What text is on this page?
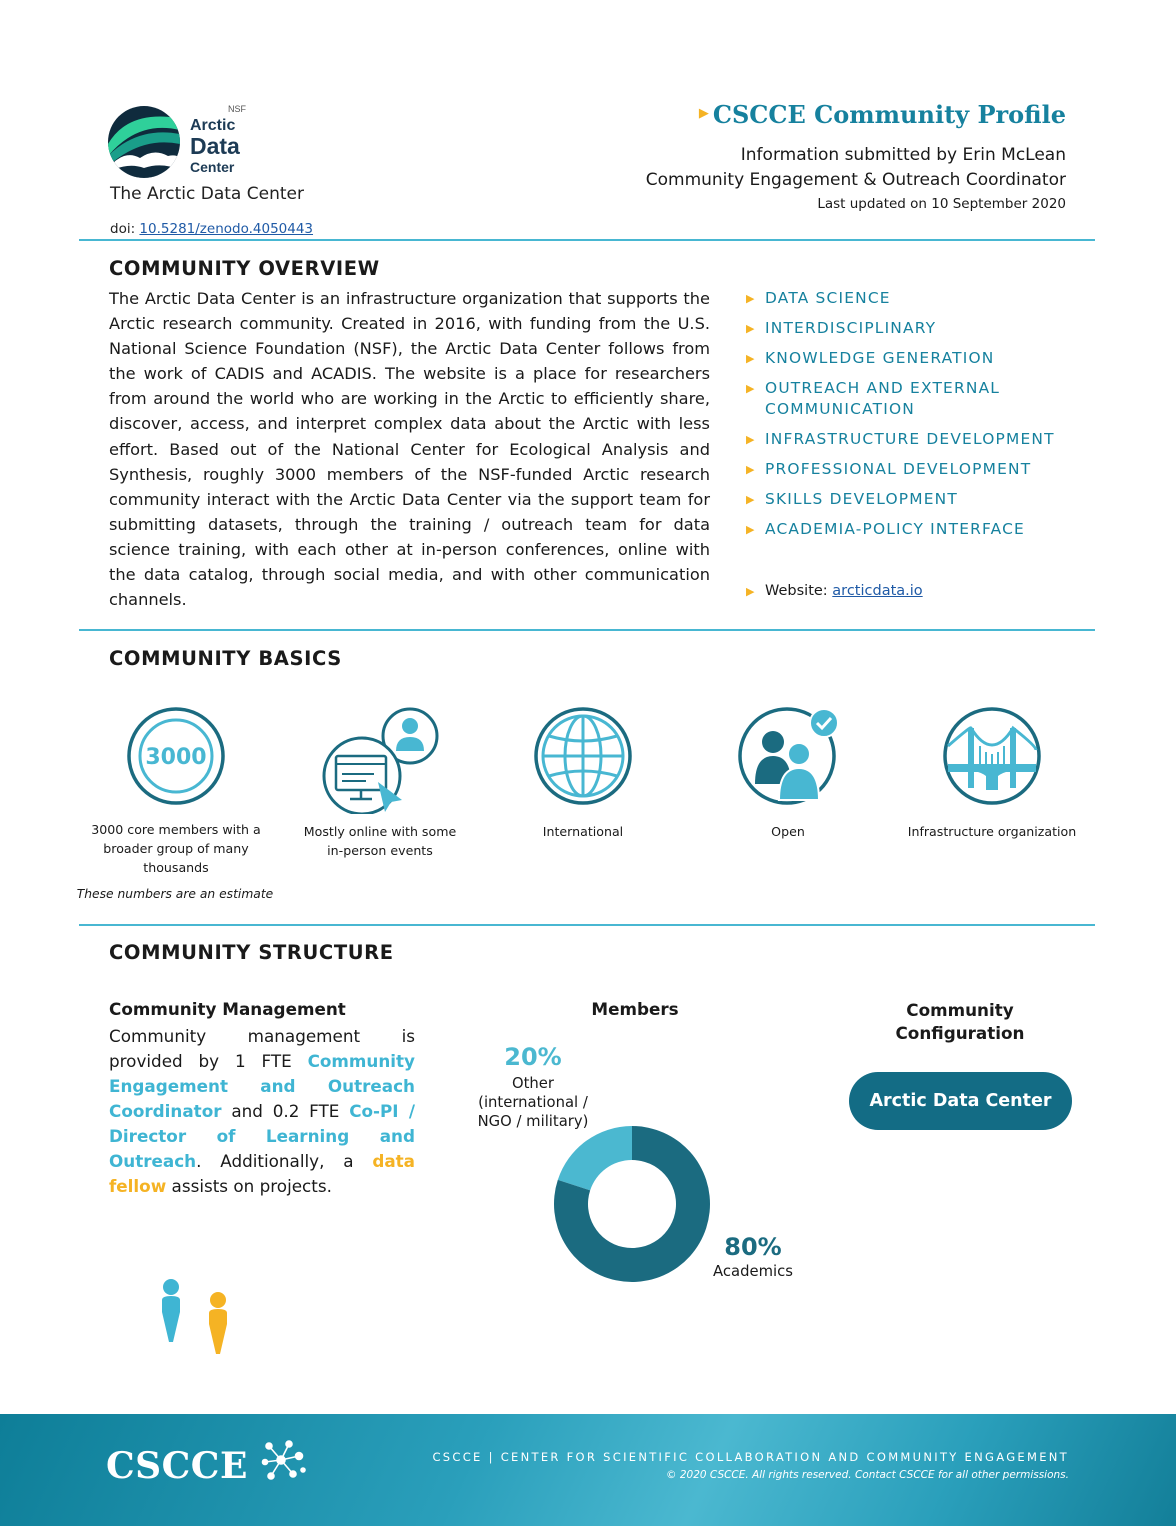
NSF
Arctic
Data
Center
The Arctic Data Center
doi: 10.5281/zenodo.4050443
▶ CSCCE Community Profile
Information submitted by Erin McLean
Community Engagement & Outreach Coordinator
Last updated on 10 September 2020
COMMUNITY OVERVIEW
The Arctic Data Center is an infrastructure organization that supports the Arctic research community. Created in 2016, with funding from the U.S. National Science Foundation (NSF), the Arctic Data Center follows from the work of CADIS and ACADIS. The website is a place for researchers from around the world who are working in the Arctic to efficiently share, discover, access, and interpret complex data about the Arctic with less effort. Based out of the National Center for Ecological Analysis and Synthesis, roughly 3000 members of the NSF-funded Arctic research community interact with the Arctic Data Center via the support team for submitting datasets, through the training / outreach team for data science training, with each other at in-person conferences, online with the data catalog, through social media, and with other communication channels.
▶ DATA SCIENCE
▶ INTERDISCIPLINARY
▶ KNOWLEDGE GENERATION
▶ OUTREACH AND EXTERNAL COMMUNICATION
▶ INFRASTRUCTURE DEVELOPMENT
▶ PROFESSIONAL DEVELOPMENT
▶ SKILLS DEVELOPMENT
▶ ACADEMIA-POLICY INTERFACE
▶ Website: arcticdata.io
COMMUNITY BASICS
3000
3000 core members with a broader group of many thousands
Mostly online with some in-person events
International	Open	Infrastructure organization
These numbers are an estimate
COMMUNITY STRUCTURE
Community Management
Community management is provided by 1 FTE Community Engagement and Outreach Coordinator and 0.2 FTE Co-PI / Director of Learning and Outreach. Additionally, a data fellow assists on projects.
Members
20%
Other
(international /
NGO / military)
80%
Academics
Community Configuration
Arctic Data Center
CSCCE	CSCCE | CENTER FOR SCIENTIFIC COLLABORATION AND COMMUNITY ENGAGEMENT
© 2020 CSCCE. All rights reserved. Contact CSCCE for all other permissions.
